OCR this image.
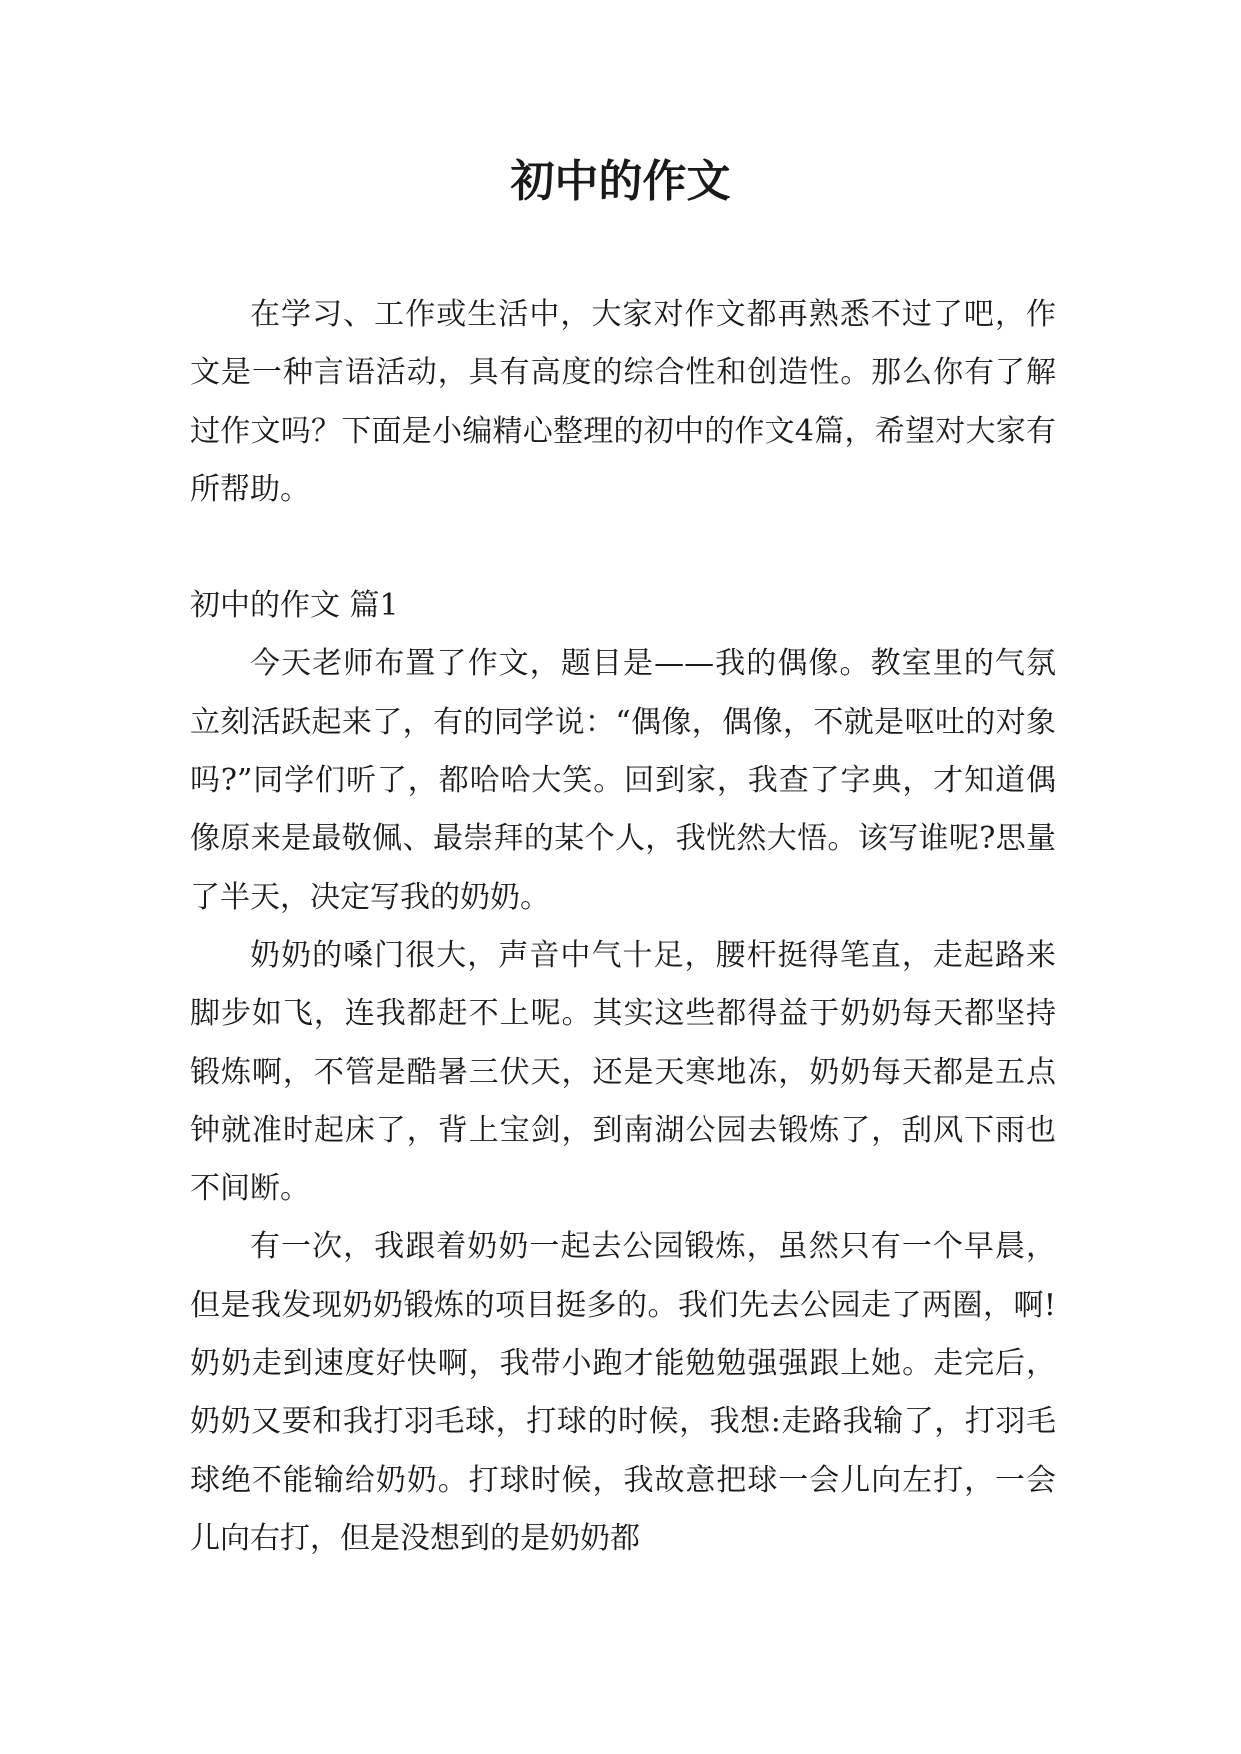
初中的作文

在学习、工作或生活中，大家对作文都再熟悉不过了吧，作文是一种言语活动，具有高度的综合性和创造性。那么你有了解过作文吗？下面是小编精心整理的初中的作文4篇，希望对大家有所帮助。

初中的作文 篇1

今天老师布置了作文，题目是——我的偶像。教室里的气氛立刻活跃起来了，有的同学说：“偶像，偶像，不就是呕吐的对象吗?”同学们听了，都哈哈大笑。回到家，我查了字典，才知道偶像原来是最敬佩、最崇拜的某个人，我恍然大悟。该写谁呢?思量了半天，决定写我的奶奶。

奶奶的嗓门很大，声音中气十足，腰杆挺得笔直，走起路来脚步如飞，连我都赶不上呢。其实这些都得益于奶奶每天都坚持锻炼啊，不管是酷暑三伏天，还是天寒地冻，奶奶每天都是五点钟就准时起床了，背上宝剑，到南湖公园去锻炼了，刮风下雨也不间断。

有一次，我跟着奶奶一起去公园锻炼，虽然只有一个早晨，但是我发现奶奶锻炼的项目挺多的。我们先去公园走了两圈，啊!奶奶走到速度好快啊，我带小跑才能勉勉强强跟上她。走完后，奶奶又要和我打羽毛球，打球的时候，我想:走路我输了，打羽毛球绝不能输给奶奶。打球时候，我故意把球一会儿向左打，一会儿向右打，但是没想到的是奶奶都
